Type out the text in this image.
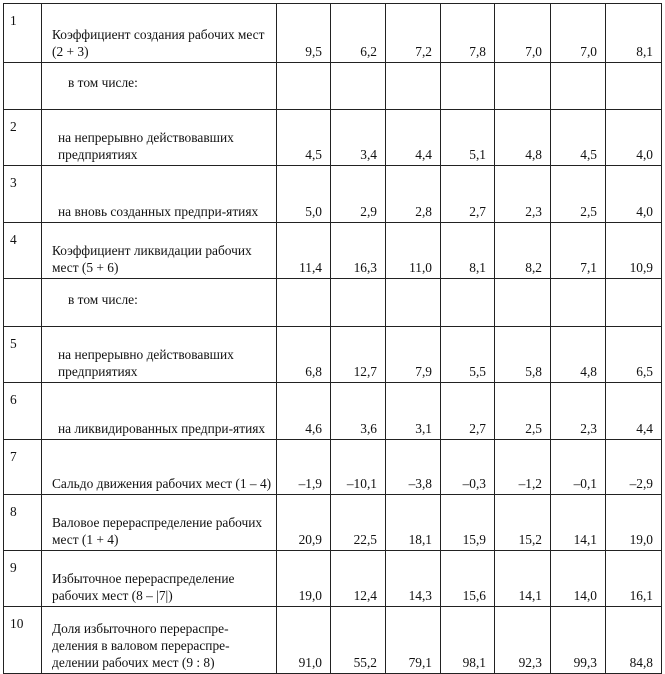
1	Коэффициент создания рабочих мест (2 + 3)	9,5	6,2	7,2	7,8	7,0	7,0	8,1
	в том числе:							
2	на непрерывно действовавших предприятиях	4,5	3,4	4,4	5,1	4,8	4,5	4,0
3	на вновь созданных предпри-ятиях	5,0	2,9	2,8	2,7	2,3	2,5	4,0
4	Коэффициент ликвидации рабочих мест (5 + 6)	11,4	16,3	11,0	8,1	8,2	7,1	10,9
	в том числе:							
5	на непрерывно действовавших предприятиях	6,8	12,7	7,9	5,5	5,8	4,8	6,5
6	на ликвидированных предпри-ятиях	4,6	3,6	3,1	2,7	2,5	2,3	4,4
7	Сальдо движения рабочих мест (1 – 4)	–1,9	–10,1	–3,8	–0,3	–1,2	–0,1	–2,9
8	Валовое перераспределение рабочих мест (1 + 4)	20,9	22,5	18,1	15,9	15,2	14,1	19,0
9	Избыточное перераспределение рабочих мест (8 – |7|)	19,0	12,4	14,3	15,6	14,1	14,0	16,1
10	Доля избыточного перераспре-деления в валовом перераспре-делении рабочих мест (9 : 8)	91,0	55,2	79,1	98,1	92,3	99,3	84,8
